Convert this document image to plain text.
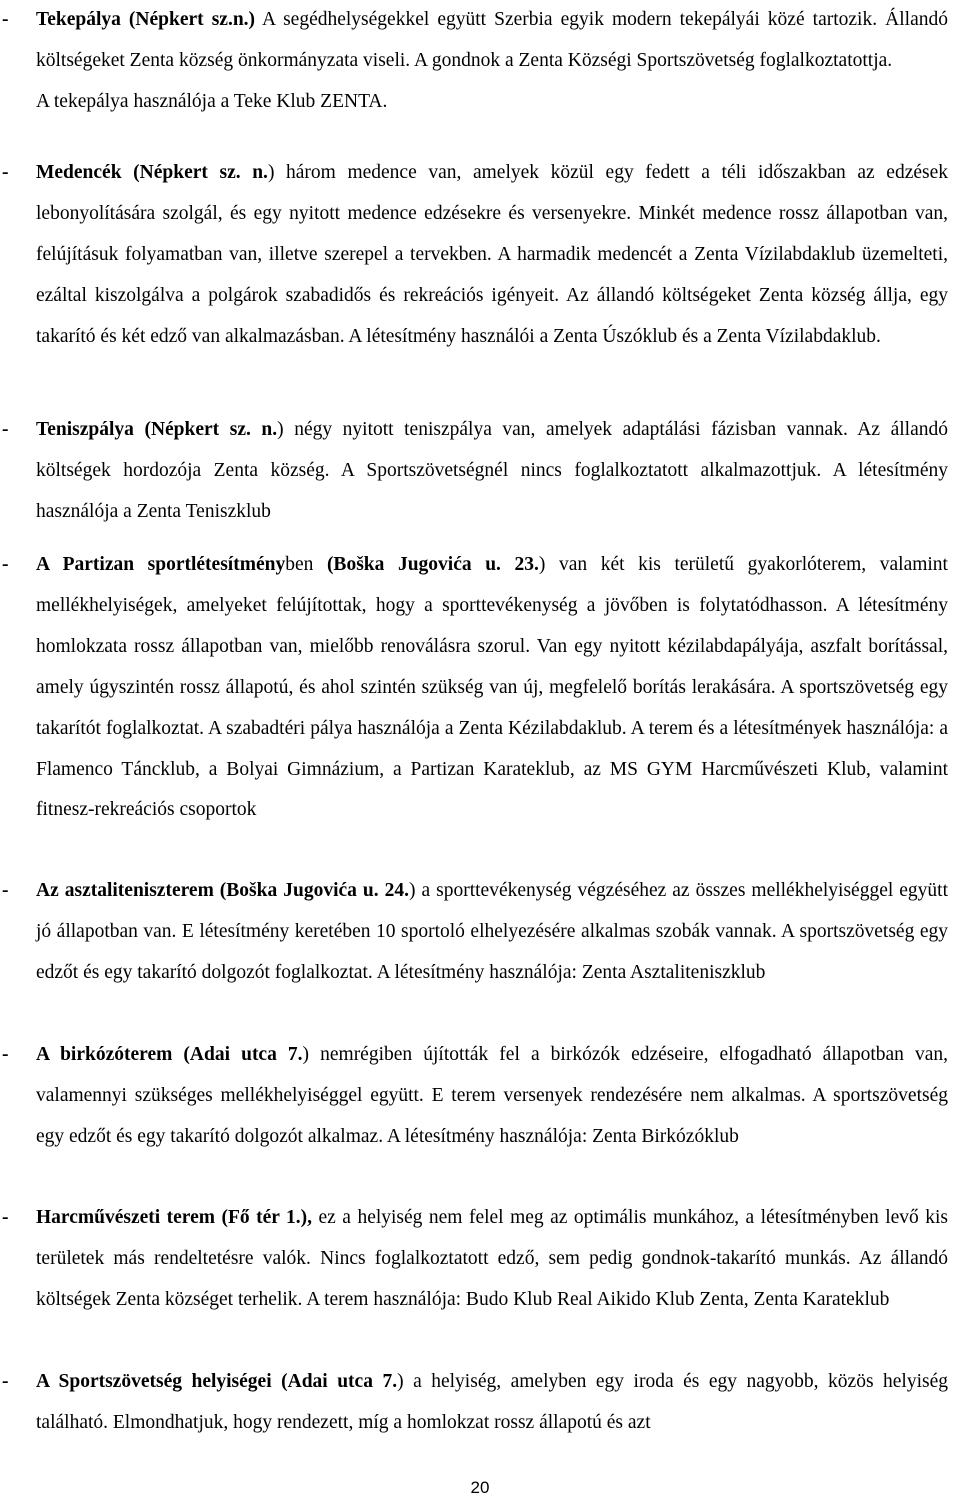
- Tekepálya (Népkert sz.n.) A segédhelységekkel együtt Szerbia egyik modern tekepályái közé tartozik. Állandó költségeket Zenta község önkormányzata viseli. A gondnok a Zenta Községi Sportszövetség foglalkoztatottja.
A tekepálya használója a Teke Klub ZENTA.
- Medencék (Népkert sz. n.) három medence van, amelyek közül egy fedett a téli időszakban az edzések lebonyolítására szolgál, és egy nyitott medence edzésekre és versenyekre. Minkét medence rossz állapotban van, felújításuk folyamatban van, illetve szerepel a tervekben. A harmadik medencét a Zenta Vízilabdaklub üzemelteti, ezáltal kiszolgálva a polgárok szabadidős és rekreációs igényeit. Az állandó költségeket Zenta község állja, egy takarító és két edző van alkalmazásban. A létesítmény használói a Zenta Úszóklub és a Zenta Vízilabdaklub.
- Teniszpálya (Népkert sz. n.) négy nyitott teniszpálya van, amelyek adaptálási fázisban vannak. Az állandó költségek hordozója Zenta község. A Sportszövetségnél nincs foglalkoztatott alkalmazottjuk. A létesítmény használója a Zenta Teniszklub
- A Partizan sportlétesítményben (Boška Jugovića u. 23.) van két kis területű gyakorlóterem, valamint mellékhelyiségek, amelyeket felújítottak, hogy a sporttevékenység a jövőben is folytatódhasson. A létesítmény homlokzata rossz állapotban van, mielőbb renoválásra szorul. Van egy nyitott kézilabdapályája, aszfalt borítással, amely úgyszintén rossz állapotú, és ahol szintén szükség van új, megfelelő borítás lerakására. A sportszövetség egy takarítót foglalkoztat. A szabadtéri pálya használója a Zenta Kézilabdaklub. A terem és a létesítmények használója: a Flamenco Táncklub, a Bolyai Gimnázium, a Partizan Karateklub, az MS GYM Harcművészeti Klub, valamint fitnesz-rekreációs csoportok
- Az asztaliteniszterem (Boška Jugovića u. 24.) a sporttevékenység végzéséhez az összes mellékhelyiséggel együtt jó állapotban van. E létesítmény keretében 10 sportoló elhelyezésére alkalmas szobák vannak. A sportszövetség egy edzőt és egy takarító dolgozót foglalkoztat. A létesítmény használója: Zenta Asztaliteniszklub
- A birkózóterem (Adai utca 7.) nemrégiben újították fel a birkózók edzéseire, elfogadható állapotban van, valamennyi szükséges mellékhelyiséggel együtt. E terem versenyek rendezésére nem alkalmas. A sportszövetség egy edzőt és egy takarító dolgozót alkalmaz. A létesítmény használója: Zenta Birkózóklub
- Harcművészeti terem (Fő tér 1.), ez a helyiség nem felel meg az optimális munkához, a létesítményben levő kis területek más rendeltetésre valók. Nincs foglalkoztatott edző, sem pedig gondnok-takarító munkás. Az állandó költségek Zenta községet terhelik. A terem használója: Budo Klub Real Aikido Klub Zenta, Zenta Karateklub
- A Sportszövetség helyiségei (Adai utca 7.) a helyiség, amelyben egy iroda és egy nagyobb, közös helyiség található. Elmondhatjuk, hogy rendezett, míg a homlokzat rossz állapotú és azt
20
